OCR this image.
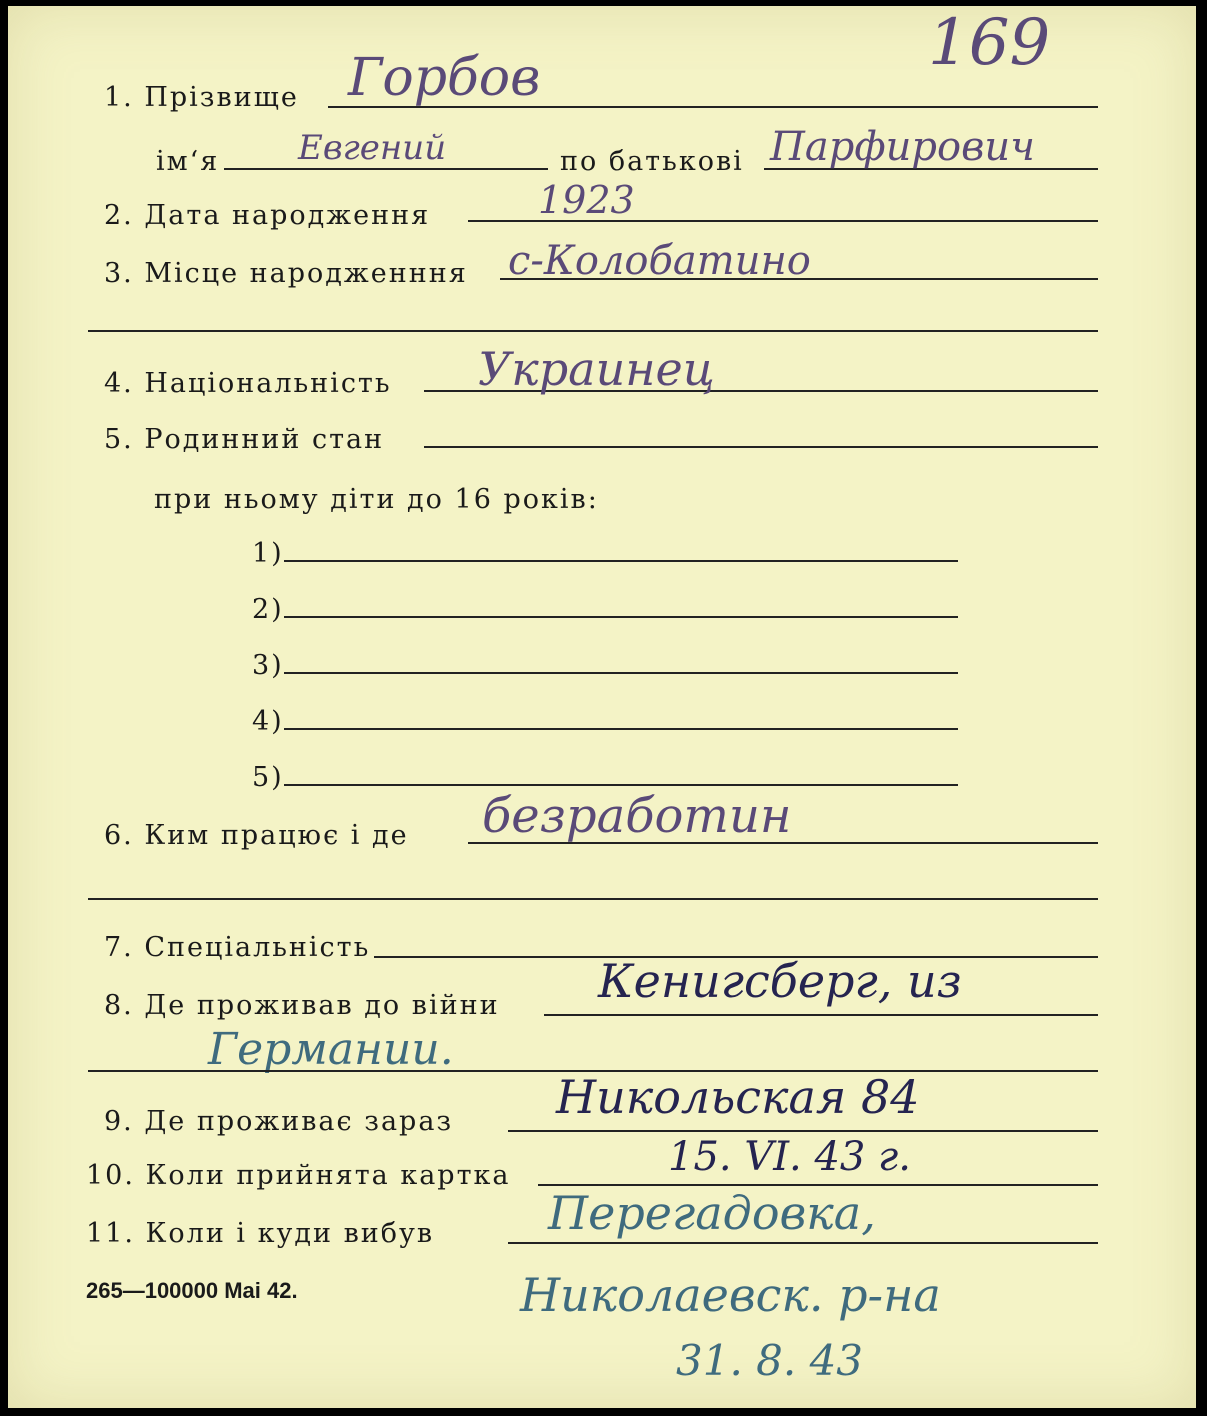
169
1. Прізвище Горбов
ім‘я Евгений	по батькові Парфирович
2. Дата народження	1923
3. Місце народженння с-Колобатино
4. Національність Украинец
5. Родинний стан
при ньому діти до 16 років:
1)
2)
3)
4)
5)
6. Ким працює і де безработин
7. Спеціальність
8. Де проживав до війни Кенигсберг, из
Германии.
9. Де проживає зараз Никольская 84
10. Коли прийнята картка	15. VI. 43 г.
11. Коли і куди вибув Перегадовка,
Николаевск. р-на
31. 8. 43
265—100000 Mai 42.
